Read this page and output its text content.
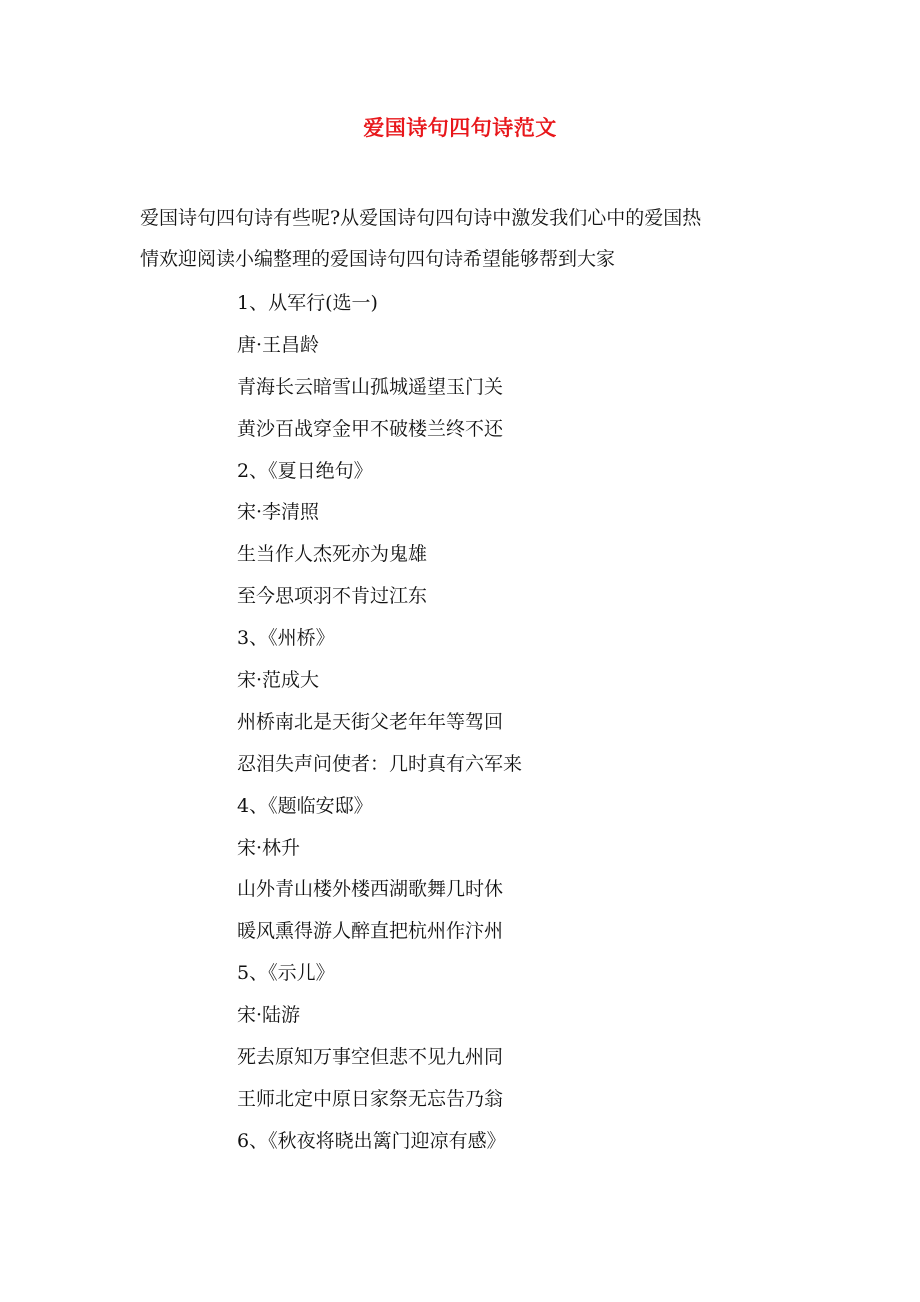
爱国诗句四句诗范文

爱国诗句四句诗有些呢?从爱国诗句四句诗中激发我们心中的爱国热

情欢迎阅读小编整理的爱国诗句四句诗希望能够帮到大家

1、从军行(选一)
唐·王昌龄
青海长云暗雪山孤城遥望玉门关
黄沙百战穿金甲不破楼兰终不还
2、《夏日绝句》
宋·李清照
生当作人杰死亦为鬼雄
至今思项羽不肯过江东
3、《州桥》
宋·范成大
州桥南北是天街父老年年等驾回
忍泪失声问使者：几时真有六军来
4、《题临安邸》
宋·林升
山外青山楼外楼西湖歌舞几时休
暖风熏得游人醉直把杭州作汴州
5、《示儿》
宋·陆游
死去原知万事空但悲不见九州同
王师北定中原日家祭无忘告乃翁
6、《秋夜将晓出篱门迎凉有感》
